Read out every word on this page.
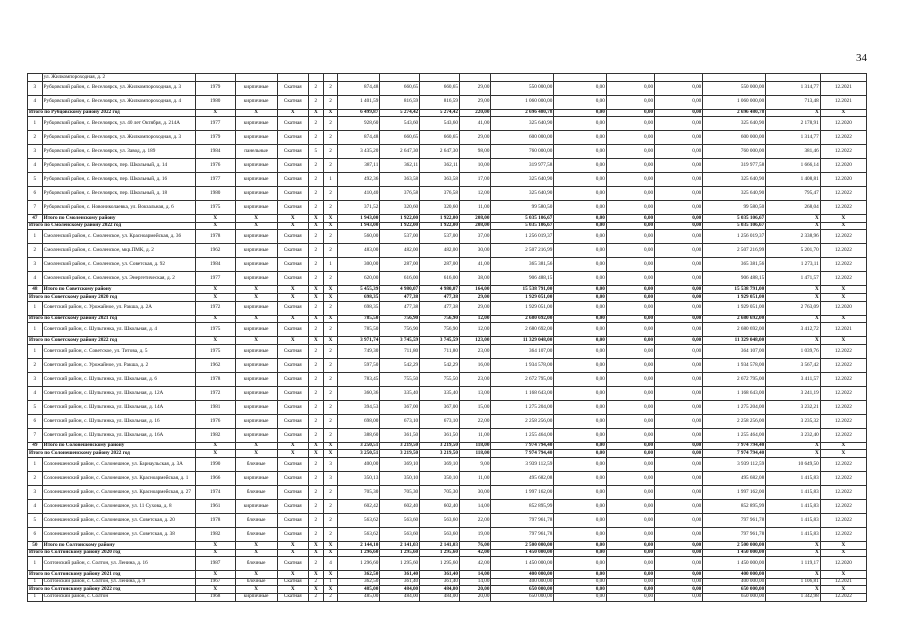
34
	ул. Жилкомпороходная, д. 2																
3	Рубцовский район, с. Веселоярск, ул. Жилкомпороходная, д. 3	1979	кирпичные	Скатная	2	2	874,48	660,65	660,65	29,00	550 000,00	0,00	0,00	0,00	550 000,00	1 314,77	12.2021
4	Рубцовский район, с. Веселоярск, ул. Жилкомпороходная, д. 4	1980	кирпичные	Скатная	2	2	1 401,59	816,59	816,59	29,00	1 060 000,00	0,00	0,00	0,00	1 060 000,00	713,48	12.2021
Итого по Рубцовскому району 2022 год		X	X	X	X	X	6 499,87	5 274,42	5 274,42	220,00	2 696 480,78	0,00	0,00	0,00	2 696 480,78	X	X
1	Рубцовский район, с. Веселоярск, ул. 40 лет Октября, д. 214А	1977	кирпичные	Скатная	2	2	928,60	543,60	543,60	41,00	325 640,90	0,00	0,00	0,00	325 640,90	2 178,91	12.2020
2	Рубцовский район, с. Веселоярск, ул. Жилкомпороходная, д. 3	1979	кирпичные	Скатная	2	2	874,48	660,65	660,65	29,00	600 000,00	0,00	0,00	0,00	600 000,00	1 314,77	12.2022
3	Рубцовский район, с. Веселоярск, ул. Завод, д. 189	1984	панельные	Скатная	5	2	3 435,20	2 647,30	2 647,30	98,00	760 000,00	0,00	0,00	0,00	760 000,00	381,46	12.2022
4	Рубцовский район, с. Веселоярск, пер. Школьный, д. 14	1976	кирпичные	Скатная	2	2	387,11	362,11	362,11	10,00	319 977,58	0,00	0,00	0,00	319 977,58	1 666,14	12.2020
5	Рубцовский район, с. Веселоярск, пер. Школьный, д. 16	1977	кирпичные	Скатная	2	1	492,36	363,58	363,58	17,00	325 640,90	0,00	0,00	0,00	325 640,90	1 408,81	12.2020
6	Рубцовский район, с. Веселоярск, пер. Школьный, д. 18	1980	кирпичные	Скатная	2	2	410,40	376,58	376,58	12,00	325 640,90	0,00	0,00	0,00	325 640,90	795,47	12.2022
7	Рубцовский район, с. Новониколаевка, ул. Вокзальная, д. 6	1975	кирпичные	Скатная	2	2	371,52	320,60	320,60	11,00	99 580,50	0,00	0,00	0,00	99 580,50	268,04	12.2022
47	Итого по Смоленскому району	X	X	X	X	X	1 943,00	1 922,00	1 922,00	208,00	5 035 106,67	0,00	0,00	0,00	5 035 106,67	X	X
Итого по Смоленскому району 2022 год		X	X	X	X	X	1 943,00	1 922,00	1 922,00	208,00	5 035 106,67	0,00	0,00	0,00	5 035 106,67	X	X
1	Смоленский район, с. Смоленское, ул. Красноармейская, д. 36	1978	кирпичные	Скатная	2	2	560,00	537,00	537,00	37,00	1 256 019,37	0,00	0,00	0,00	1 256 019,37	2 338,96	12.2022
2	Смоленский район, с. Смоленское, мкр.ПМК, д. 2	1962	кирпичные	Скатная	2	2	483,00	482,00	482,00	30,00	2 507 216,99	0,00	0,00	0,00	2 507 216,99	5 201,70	12.2022
3	Смоленский район, с. Смоленское, ул. Советская, д. 92	1984	кирпичные	Скатная	2	1	300,00	287,00	287,00	41,00	365 381,56	0,00	0,00	0,00	365 381,56	1 273,11	12.2022
4	Смоленский район, с. Смоленское, ул. Энергетическая, д. 2	1977	кирпичные	Скатная	2	2	620,00	616,00	616,00	38,00	906 488,15	0,00	0,00	0,00	906 488,15	1 471,57	12.2022
48	Итого по Советскому району	X	X	X	X	X	5 455,39	4 980,07	4 980,07	164,00	15 538 791,00	0,00	0,00	0,00	15 538 791,00	X	X
Итого по Советскому району 2020 год		X	X	X	X	X	698,35	477,38	477,38	29,00	1 929 051,00	0,00	0,00	0,00	1 929 051,00	X	X
1	Советский район, с. Урожайное, ул. Ракша, д. 2А	1972	кирпичные	Скатная	2	2	698,35	477,38	477,38	29,00	1 929 051,00	0,00	0,00	0,00	1 929 051,00	2 763,09	12.2020
Итого по Советскому району 2021 год		X	X	X	X	X	785,50	756,90	756,90	12,00	2 680 692,00	0,00	0,00	0,00	2 680 692,00	X	X
1	Советский район, с. Шульгинка, ул. Школьная, д. 4	1975	кирпичные	Скатная	2	2	785,50	756,90	756,90	12,00	2 680 692,00	0,00	0,00	0,00	2 680 692,00	3 412,72	12.2021
Итого по Советскому району 2022 год		X	X	X	X	X	3 971,74	3 745,59	3 745,59	123,00	11 329 048,00	0,00	0,00	0,00	11 329 048,00	X	X
1	Советский район, с. Советское, ул. Титова, д. 5	1975	кирпичные	Скатная	2	2	749,30	711,80	711,80	23,00	364 107,00	0,00	0,00	0,00	364 107,00	1 039,76	12.2022
2	Советский район, с. Урожайное, ул. Ракша, д. 2	1962	кирпичные	Скатная	2	2	597,50	542,29	542,29	16,00	1 934 578,00	0,00	0,00	0,00	1 934 578,00	3 567,42	12.2022
3	Советский район, с. Шульгинка, ул. Школьная, д. 6	1978	кирпичные	Скатная	2	2	783,45	755,50	755,50	23,00	2 672 795,00	0,00	0,00	0,00	2 672 795,00	3 411,57	12.2022
4	Советский район, с. Шульгинка, ул. Школьная, д. 12А	1972	кирпичные	Скатная	2	2	360,36	335,40	335,40	13,00	1 168 643,00	0,00	0,00	0,00	1 168 643,00	3 241,19	12.2022
5	Советский район, с. Шульгинка, ул. Школьная, д. 14А	1981	кирпичные	Скатная	2	2	394,53	367,00	367,00	15,00	1 275 204,00	0,00	0,00	0,00	1 275 204,00	3 232,21	12.2022
6	Советский район, с. Шульгинка, ул. Школьная, д. 16	1976	кирпичные	Скатная	2	2	698,00	673,10	673,10	22,00	2 258 256,00	0,00	0,00	0,00	2 258 256,00	3 235,32	12.2022
7	Советский район, с. Шульгинка, ул. Школьная, д. 16А	1982	кирпичные	Скатная	2	2	388,60	361,50	361,50	11,00	1 255 464,00	0,00	0,00	0,00	1 255 464,00	3 232,40	12.2022
49	Итого по Солонешенскому району	X	X	X	X	X	3 250,51	3 219,50	3 219,50	118,00	7 974 794,40	0,00	0,00	0,00	7 974 794,40	X	X
Итого по Солонешенскому району 2022 год		X	X	X	X	X	3 250,51	3 219,50	3 219,50	118,00	7 974 794,40	0,00	0,00	0,00	7 974 794,40	X	X
1	Солонешенский район, с. Солонешное, ул. Барнаульская, д. 3А	1990	блочные	Скатная	2	3	400,00	369,10	369,10	9,00	3 939 112,59	0,00	0,00	0,00	3 939 112,59	10 649,50	12.2022
2	Солонешенский район, с. Солонешное, ул. Красноармейская, д. 1	1966	кирпичные	Скатная	2	3	350,13	350,10	350,10	11,00	495 682,08	0,00	0,00	0,00	495 682,08	1 415,83	12.2022
3	Солонешенский район, с. Солонешное, ул. Красноармейская, д. 27	1974	блочные	Скатная	2	2	705,30	705,30	705,30	30,00	1 997 162,00	0,00	0,00	0,00	1 997 162,00	1 415,83	12.2022
4	Солонешенский район, с. Солонешное, ул. 11 Сухова, д. 8	1961	кирпичные	Скатная	2	2	602,42	602,40	602,40	14,00	852 895,99	0,00	0,00	0,00	852 895,99	1 415,83	12.2022
5	Солонешенский район, с. Солонешное, ул. Советская, д. 20	1978	блочные	Скатная	2	2	563,62	563,60	563,60	22,00	797 961,78	0,00	0,00	0,00	797 961,78	1 415,83	12.2022
6	Солонешенский район, с. Солонешное, ул. Советская, д. 38	1982	блочные	Скатная	2	2	563,62	563,60	563,60	19,00	797 961,78	0,00	0,00	0,00	797 961,78	1 415,83	12.2022
50	Итого по Солтонскому району	X	X	X	X	X	2 144,10	2 141,03	2 141,03	76,00	2 500 000,00	0,00	0,00	0,00	2 500 000,00	X	X
Итого по Солтонскому району 2020 год		X	X	X	X	X	1 296,60	1 295,60	1 295,60	42,00	1 450 000,00	0,00	0,00	0,00	1 450 000,00	X	X
1	Солтонский район, с. Солтон, ул. Ленина, д. 16	1987	блочные	Скатная	2	4	1 296,60	1 295,60	1 295,60	42,00	1 450 000,00	0,00	0,00	0,00	1 450 000,00	1 119,17	12.2020
Итого по Солтонскому району 2021 год		X	X	X	X	X	362,50	361,40	361,40	14,00	400 000,00	0,00	0,00	0,00	400 000,00	X	X
1	Солтонский район, с. Солтон, ул. Ленина, д. 9	1967	блочные	Скатная	2	1	362,50	361,40	361,40	14,00	400 000,00	0,00	0,00	0,00	400 000,00	1 106,81	12.2021
Итого по Солтонскому району 2022 год		X	X	X	X	X	485,00	484,00	484,00	20,00	650 000,00	0,00	0,00	0,00	650 000,00	X	X
1	Солтонский район, с. Солтон	1968	кирпичные	Скатная	2	2	485,00	484,00	484,00	20,00	650 000,00	0,00	0,00	0,00	650 000,00	1 342,98	12.2022
